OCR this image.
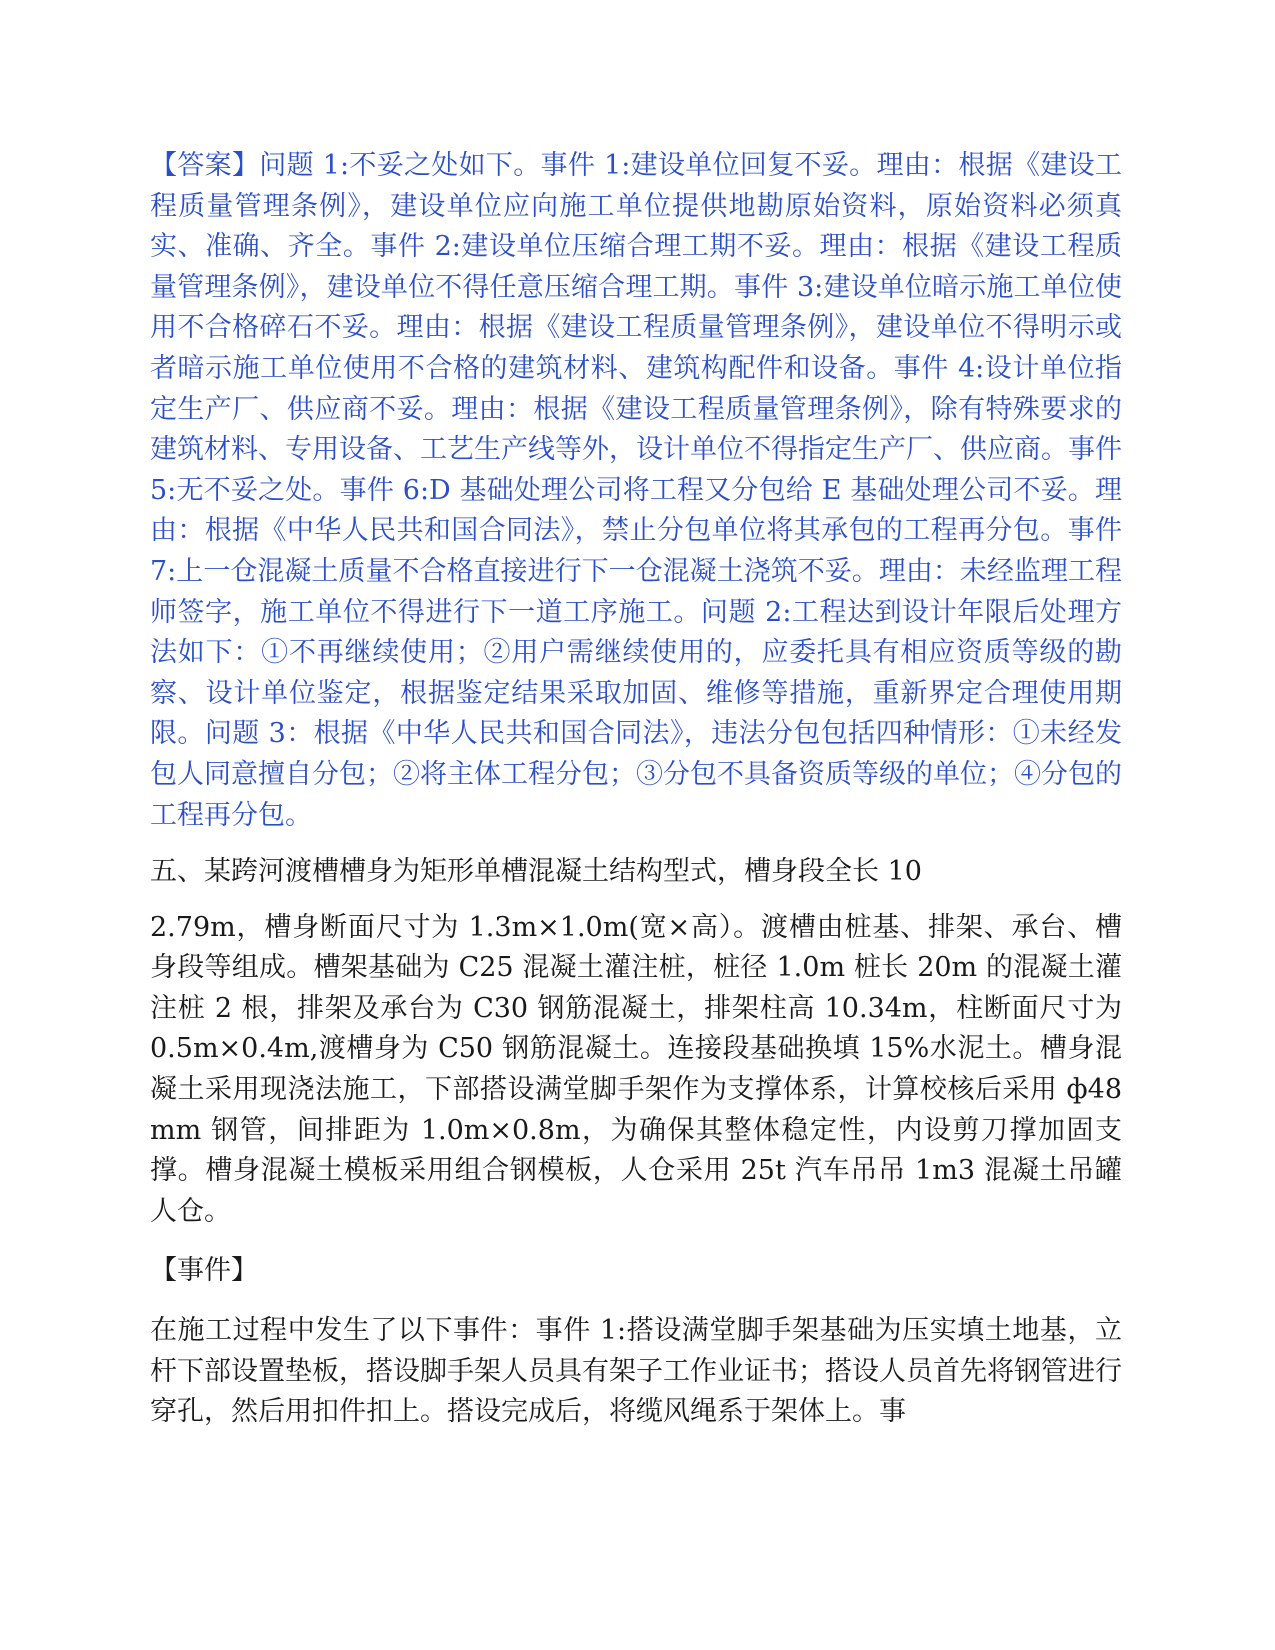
【答案】问题 1:不妥之处如下。事件 1:建设单位回复不妥。理由：根据《建设工程质量管理条例》，建设单位应向施工单位提供地勘原始资料，原始资料必须真实、准确、齐全。事件 2:建设单位压缩合理工期不妥。理由：根据《建设工程质量管理条例》，建设单位不得任意压缩合理工期。事件 3:建设单位暗示施工单位使用不合格碎石不妥。理由：根据《建设工程质量管理条例》，建设单位不得明示或者暗示施工单位使用不合格的建筑材料、建筑构配件和设备。事件 4:设计单位指定生产厂、供应商不妥。理由：根据《建设工程质量管理条例》，除有特殊要求的建筑材料、专用设备、工艺生产线等外，设计单位不得指定生产厂、供应商。事件 5:无不妥之处。事件 6:D 基础处理公司将工程又分包给 E 基础处理公司不妥。理由：根据《中华人民共和国合同法》，禁止分包单位将其承包的工程再分包。事件 7:上一仓混凝土质量不合格直接进行下一仓混凝土浇筑不妥。理由：未经监理工程师签字，施工单位不得进行下一道工序施工。问题 2:工程达到设计年限后处理方法如下：①不再继续使用；②用户需继续使用的，应委托具有相应资质等级的勘察、设计单位鉴定，根据鉴定结果采取加固、维修等措施，重新界定合理使用期限。问题 3：根据《中华人民共和国合同法》，违法分包包括四种情形：①未经发包人同意擅自分包；②将主体工程分包；③分包不具备资质等级的单位；④分包的工程再分包。

五、某跨河渡槽槽身为矩形单槽混凝土结构型式，槽身段全长 10

2.79m，槽身断面尺寸为 1.3m×1.0m(宽×高）。渡槽由桩基、排架、承台、槽身段等组成。槽架基础为 C25 混凝土灌注桩，桩径 1.0m 桩长 20m 的混凝土灌注桩 2 根，排架及承台为 C30 钢筋混凝土，排架柱高 10.34m，柱断面尺寸为 0.5m×0.4m,渡槽身为 C50 钢筋混凝土。连接段基础换填 15%水泥土。槽身混凝土采用现浇法施工，下部搭设满堂脚手架作为支撑体系，计算校核后采用 ф48mm 钢管，间排距为 1.0m×0.8m，为确保其整体稳定性，内设剪刀撑加固支撑。槽身混凝土模板采用组合钢模板，人仓采用 25t 汽车吊吊 1m3 混凝土吊罐人仓。

【事件】

在施工过程中发生了以下事件：事件 1:搭设满堂脚手架基础为压实填土地基，立杆下部设置垫板，搭设脚手架人员具有架子工作业证书；搭设人员首先将钢管进行穿孔，然后用扣件扣上。搭设完成后，将缆风绳系于架体上。事
